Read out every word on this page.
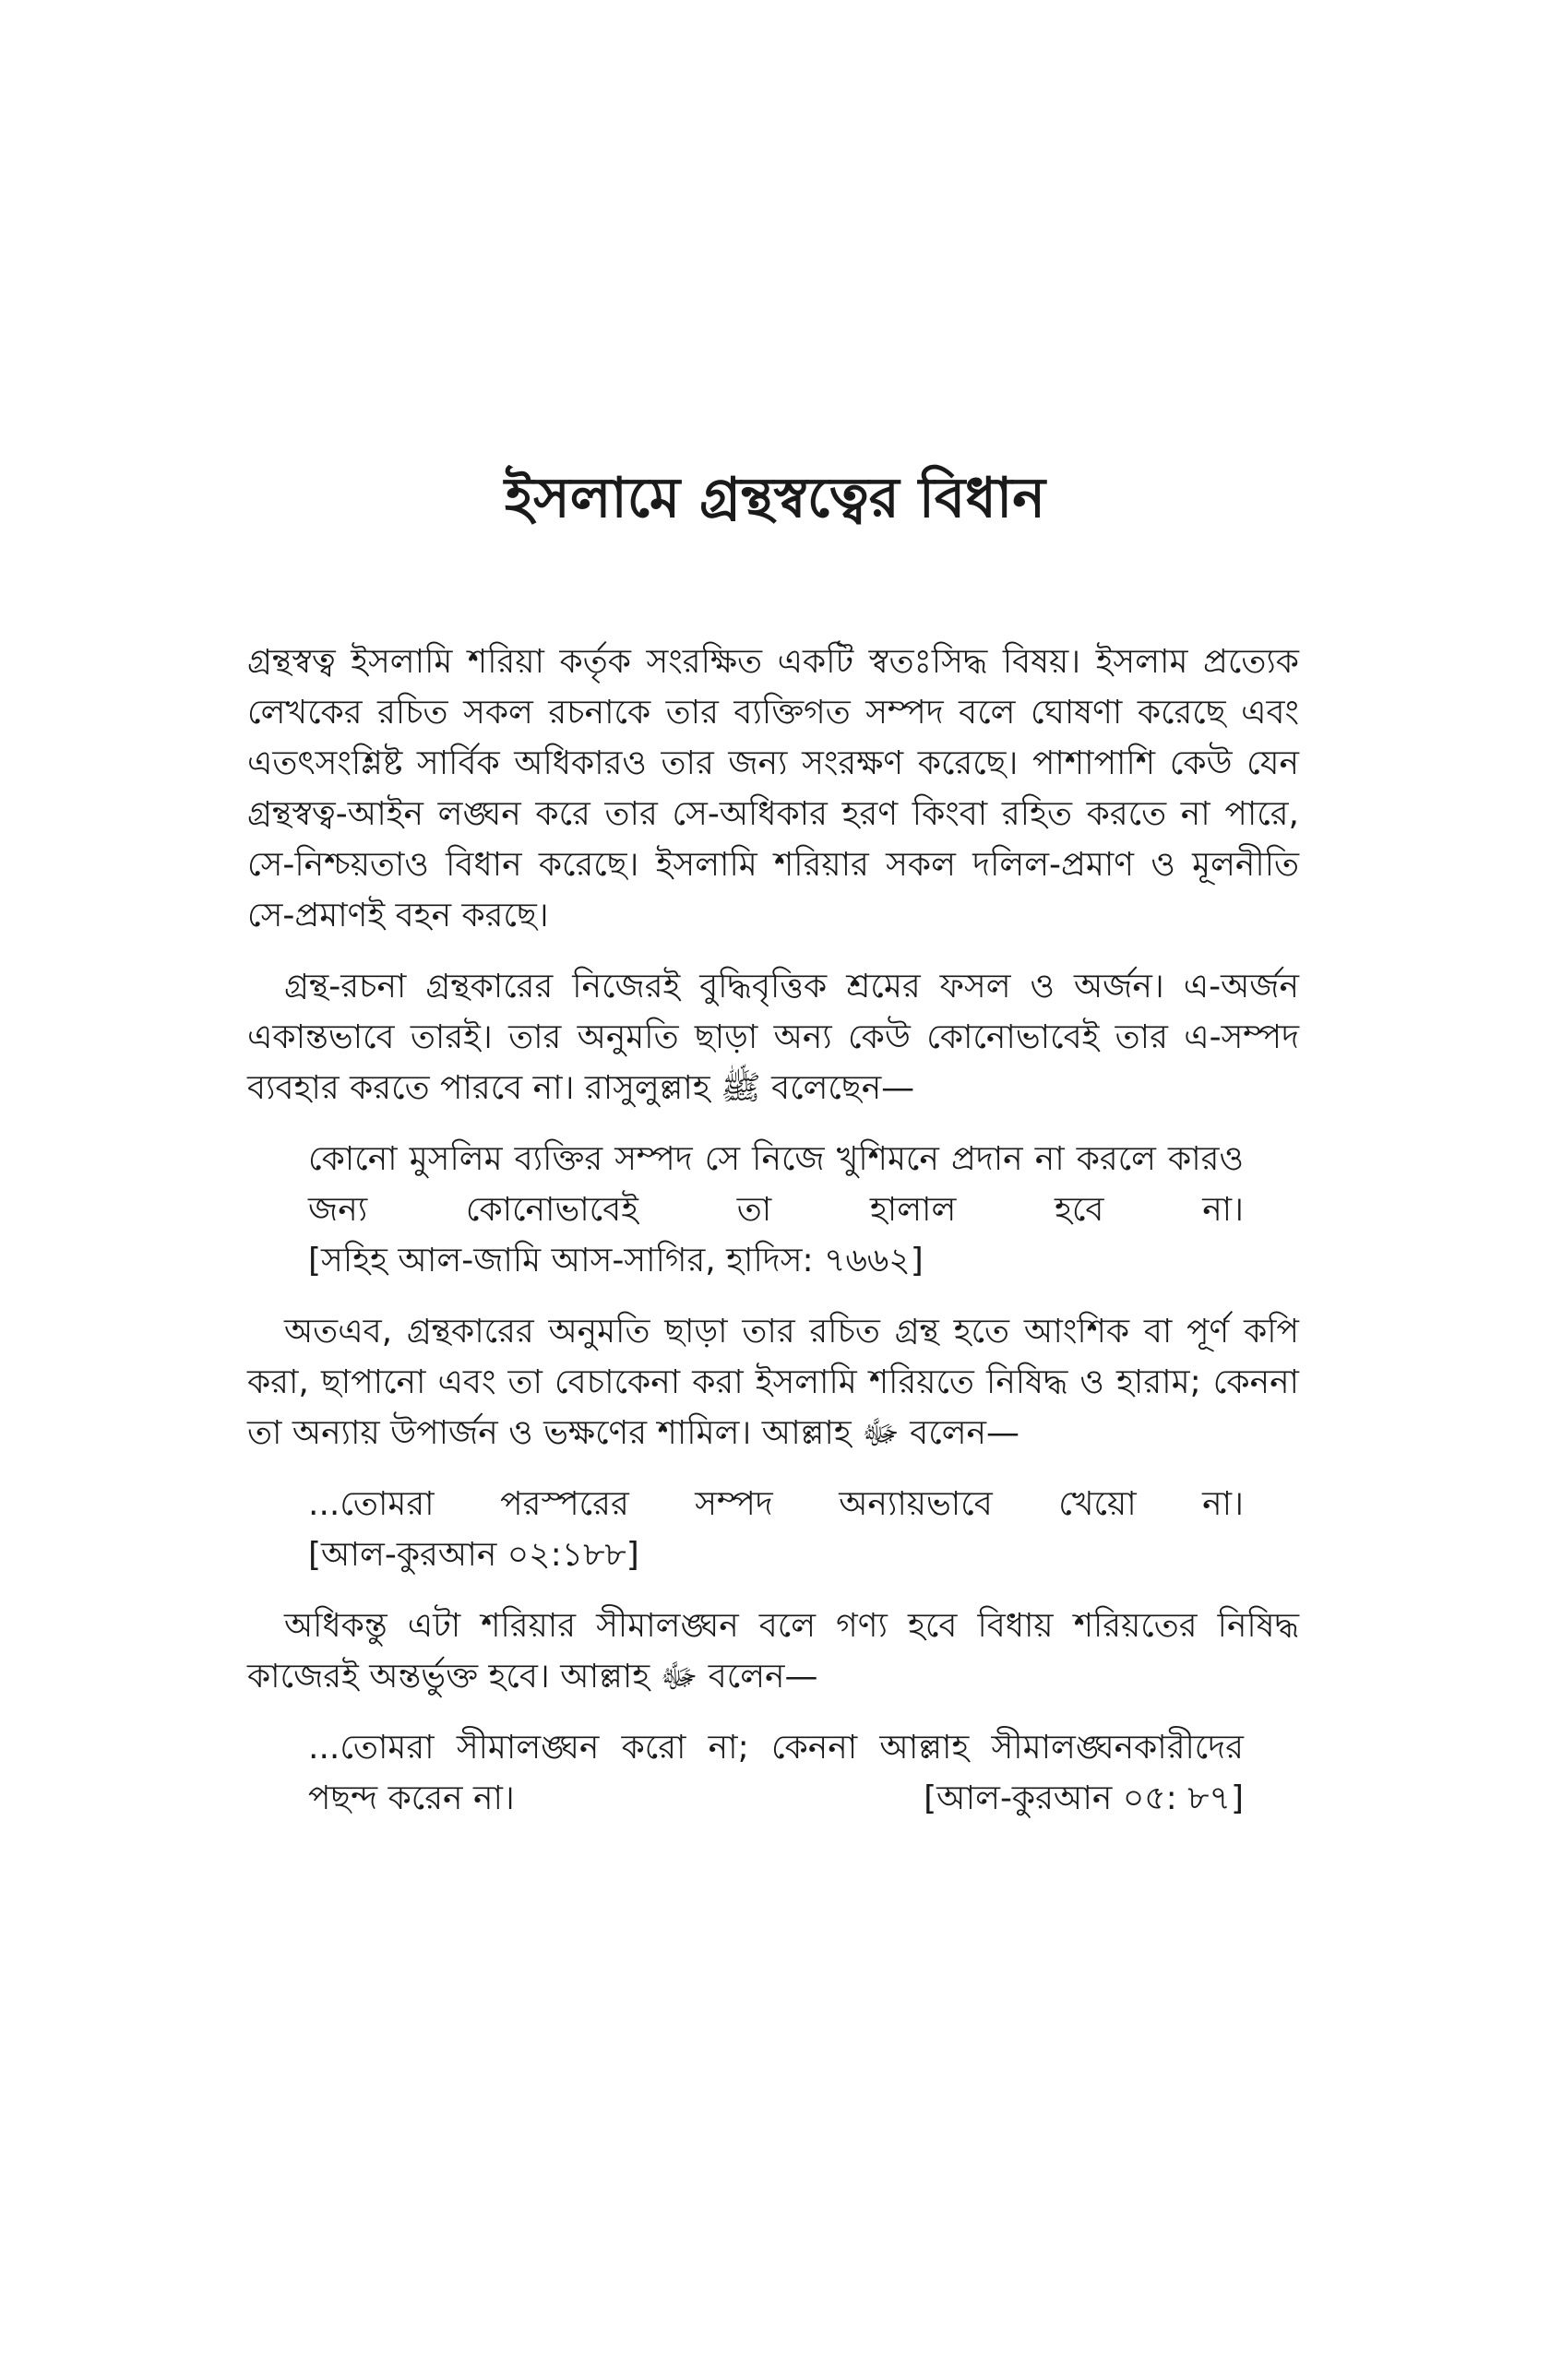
ইসলামে গ্রন্থস্বত্বের বিধান

গ্রন্থস্বত্ব ইসলামি শরিয়া কর্তৃক সংরক্ষিত একটি স্বতঃসিদ্ধ বিষয়। ইসলাম প্রত্যেক লেখকের রচিত সকল রচনাকে তার ব্যক্তিগত সম্পদ বলে ঘোষণা করেছে এবং এতৎসংশ্লিষ্ট সার্বিক অধিকারও তার জন্য সংরক্ষণ করেছে। পাশাপাশি কেউ যেন গ্রন্থস্বত্ব-আইন লঙ্ঘন করে তার সে-অধিকার হরণ কিংবা রহিত করতে না পারে, সে-নিশ্চয়তাও বিধান করেছে। ইসলামি শরিয়ার সকল দলিল-প্রমাণ ও মূলনীতি সে-প্রমাণই বহন করছে।

গ্রন্থ-রচনা গ্রন্থকারের নিজেরই বুদ্ধিবৃত্তিক শ্রমের ফসল ও অর্জন। এ-অর্জন একান্তভাবে তারই। তার অনুমতি ছাড়া অন্য কেউ কোনোভাবেই তার এ-সম্পদ ব্যবহার করতে পারবে না। রাসুলুল্লাহ ﷺ বলেছেন—

কোনো মুসলিম ব্যক্তির সম্পদ সে নিজে খুশিমনে প্রদান না করলে কারও জন্য কোনোভাবেই তা হালাল হবে না। [সহিহ আল-জামি আস-সাগির, হাদিস: ৭৬৬২]

অতএব, গ্রন্থকারের অনুমতি ছাড়া তার রচিত গ্রন্থ হতে আংশিক বা পূর্ণ কপি করা, ছাপানো এবং তা বেচাকেনা করা ইসলামি শরিয়তে নিষিদ্ধ ও হারাম; কেননা তা অন্যায় উপার্জন ও ভক্ষণের শামিল। আল্লাহ ﷻ বলেন—

...তোমরা পরস্পরের সম্পদ অন্যায়ভাবে খেয়ো না। [আল-কুরআন ০২:১৮৮]

অধিকন্তু এটা শরিয়ার সীমালঙ্ঘন বলে গণ্য হবে বিধায় শরিয়তের নিষিদ্ধ কাজেরই অন্তর্ভুক্ত হবে। আল্লাহ ﷻ বলেন—

...তোমরা সীমালঙ্ঘন করো না; কেননা আল্লাহ সীমালঙ্ঘনকারীদের পছন্দ করেন না।	[আল-কুরআন ০৫: ৮৭]
